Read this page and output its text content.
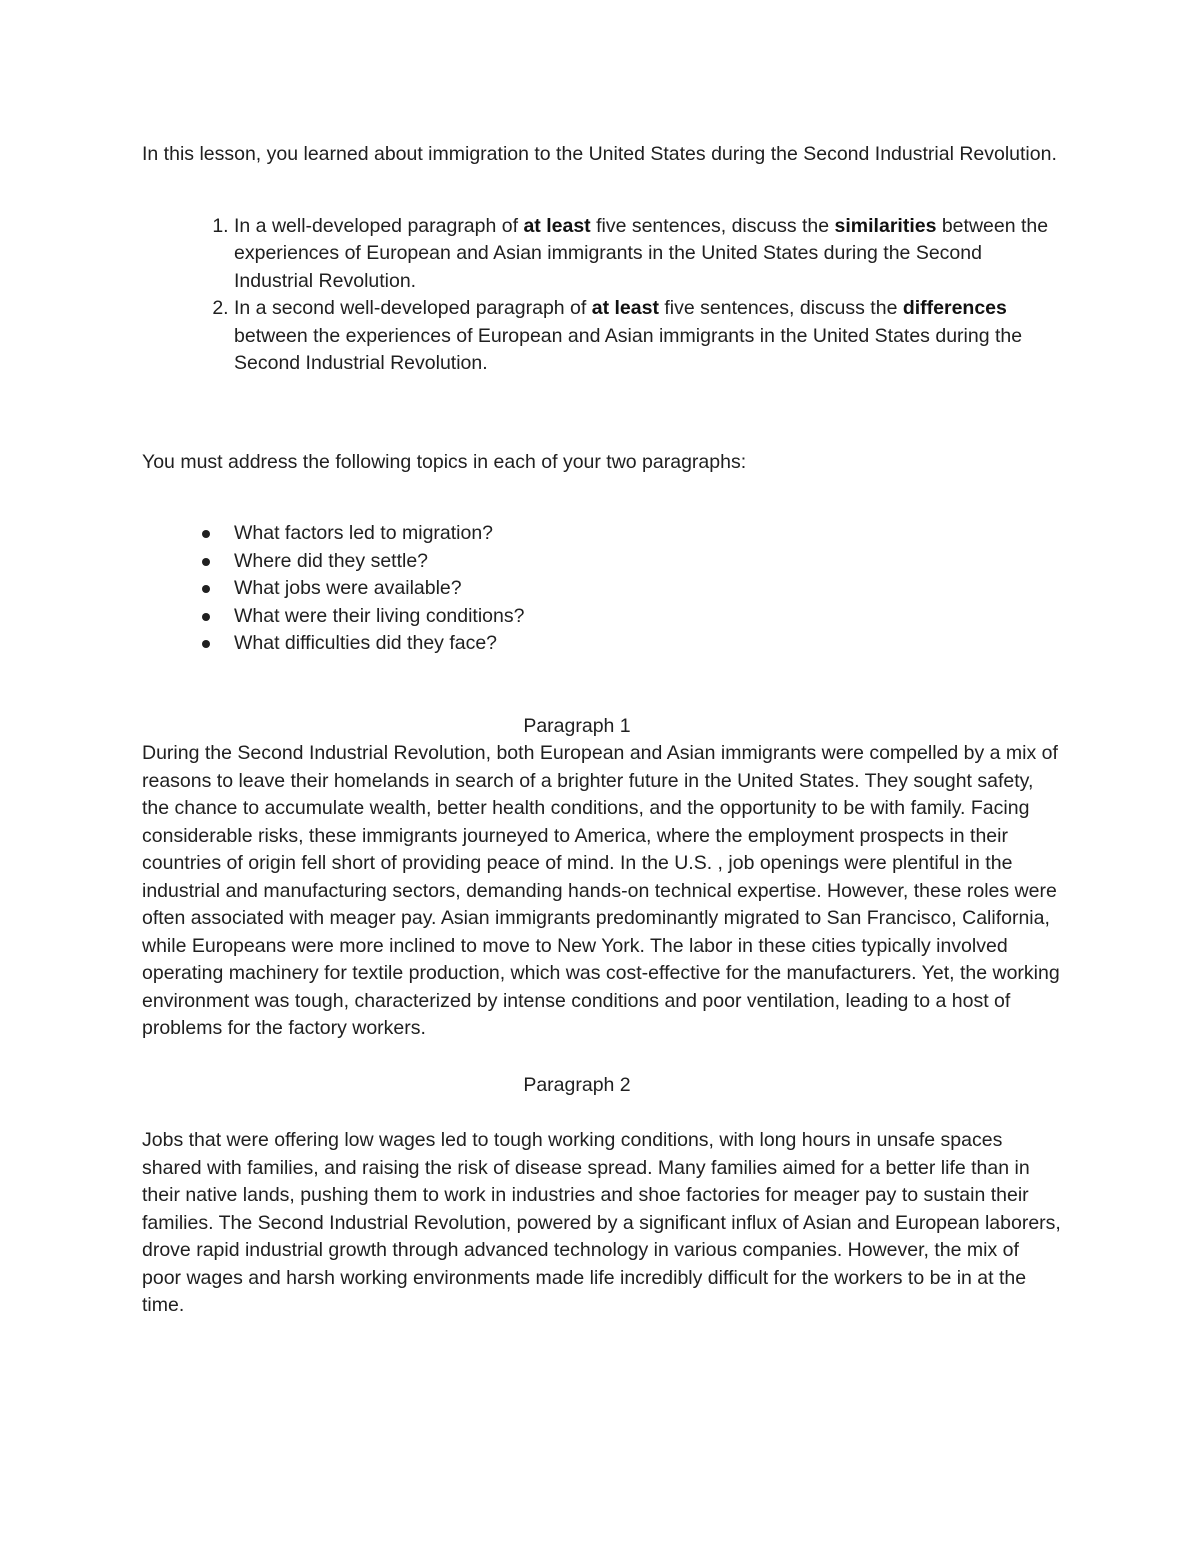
In this lesson, you learned about immigration to the United States during the Second Industrial Revolution.

1. In a well-developed paragraph of at least five sentences, discuss the similarities between the experiences of European and Asian immigrants in the United States during the Second Industrial Revolution.
2. In a second well-developed paragraph of at least five sentences, discuss the differences between the experiences of European and Asian immigrants in the United States during the Second Industrial Revolution.

You must address the following topics in each of your two paragraphs:

What factors led to migration?
Where did they settle?
What jobs were available?
What were their living conditions?
What difficulties did they face?

Paragraph 1

During the Second Industrial Revolution, both European and Asian immigrants were compelled by a mix of reasons to leave their homelands in search of a brighter future in the United States. They sought safety, the chance to accumulate wealth, better health conditions, and the opportunity to be with family. Facing considerable risks, these immigrants journeyed to America, where the employment prospects in their countries of origin fell short of providing peace of mind. In the U.S. , job openings were plentiful in the industrial and manufacturing sectors, demanding hands-on technical expertise. However, these roles were often associated with meager pay. Asian immigrants predominantly migrated to San Francisco, California, while Europeans were more inclined to move to New York. The labor in these cities typically involved operating machinery for textile production, which was cost-effective for the manufacturers. Yet, the working environment was tough, characterized by intense conditions and poor ventilation, leading to a host of problems for the factory workers.

Paragraph 2

Jobs that were offering low wages led to tough working conditions, with long hours in unsafe spaces shared with families, and raising the risk of disease spread. Many families aimed for a better life than in their native lands, pushing them to work in industries and shoe factories for meager pay to sustain their families. The Second Industrial Revolution, powered by a significant influx of Asian and European laborers, drove rapid industrial growth through advanced technology in various companies. However, the mix of poor wages and harsh working environments made life incredibly difficult for the workers to be in at the time.
